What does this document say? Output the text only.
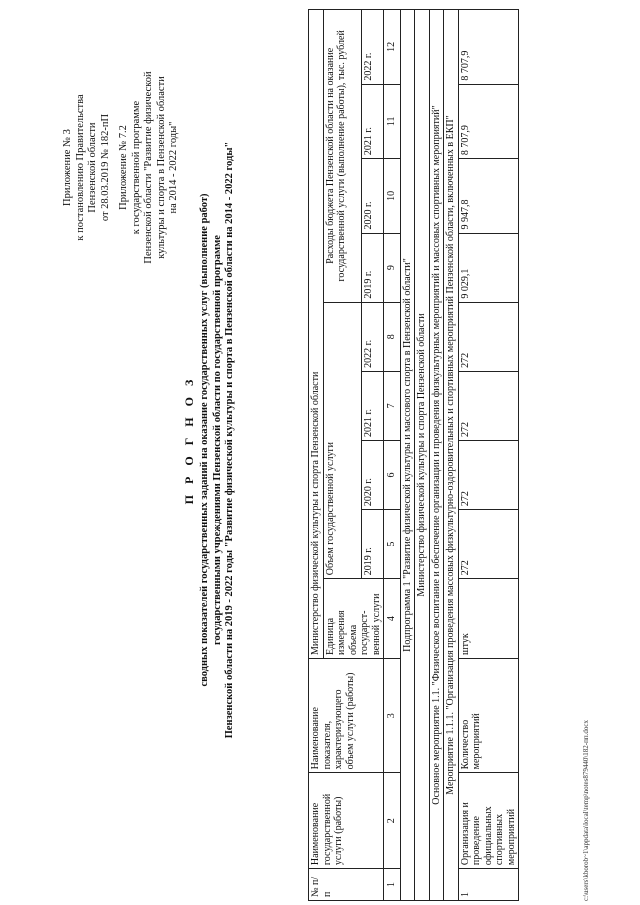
Приложение № 3 к постановлению Правительства Пензенской области от 28.03.2019 № 182-пП Приложение № 7.2 к государственной программе Пензенской области "Развитие физической культуры и спорта в Пензенской области на 2014 - 2022 годы"
П Р О Г Н О З сводных показателей государственных заданий на оказание государственных услуг (выполнение работ) государственными учреждениями Пензенской области по государственной программе Пензенской области на 2019 - 2022 годы "Развитие физической культуры и спорта в Пензенской области на 2014 - 2022 годы"
№ п/п	Наименование государственной услуги (работы)	Наименование показателя, характеризующего объем услуги (работы)	Министерство физической культуры и спорта Пензенской области								
			Единица измерения объема государст-венной услуги	Объем государственной услуги				Расходы бюджета Пензенской области на оказание государственной услуги (выполнение работы), тыс. рублей			
				2019 г.	2020 г.	2021 г.	2022 г.	2019 г.	2020 г.	2021 г.	2022 г.
1	2	3	4	5	6	7	8	9	10	11	12
Подпрограмма 1 "Развитие физической культуры и массового спорта в Пензенской области"											
Министерство физической культуры и спорта Пензенской области											
Основное мероприятие 1.1. "Физическое воспитание и обеспечение организации и проведения физкультурных мероприятий и массовых спортивных мероприятий"											
Мероприятие 1.1.1. "Организация проведения массовых физкультурно-оздоровительных и спортивных мероприятий Пензенской области, включенных в ЕКП"											
1	Организация и проведение официальных спортивных мероприятий	Количество мероприятий	штук	272	272	272	272	9 029,1	9 947,8	8 707,9	8 707,9
c:\users\kborob~1\appdata\local\temp\notes879440\182-пп.docx
